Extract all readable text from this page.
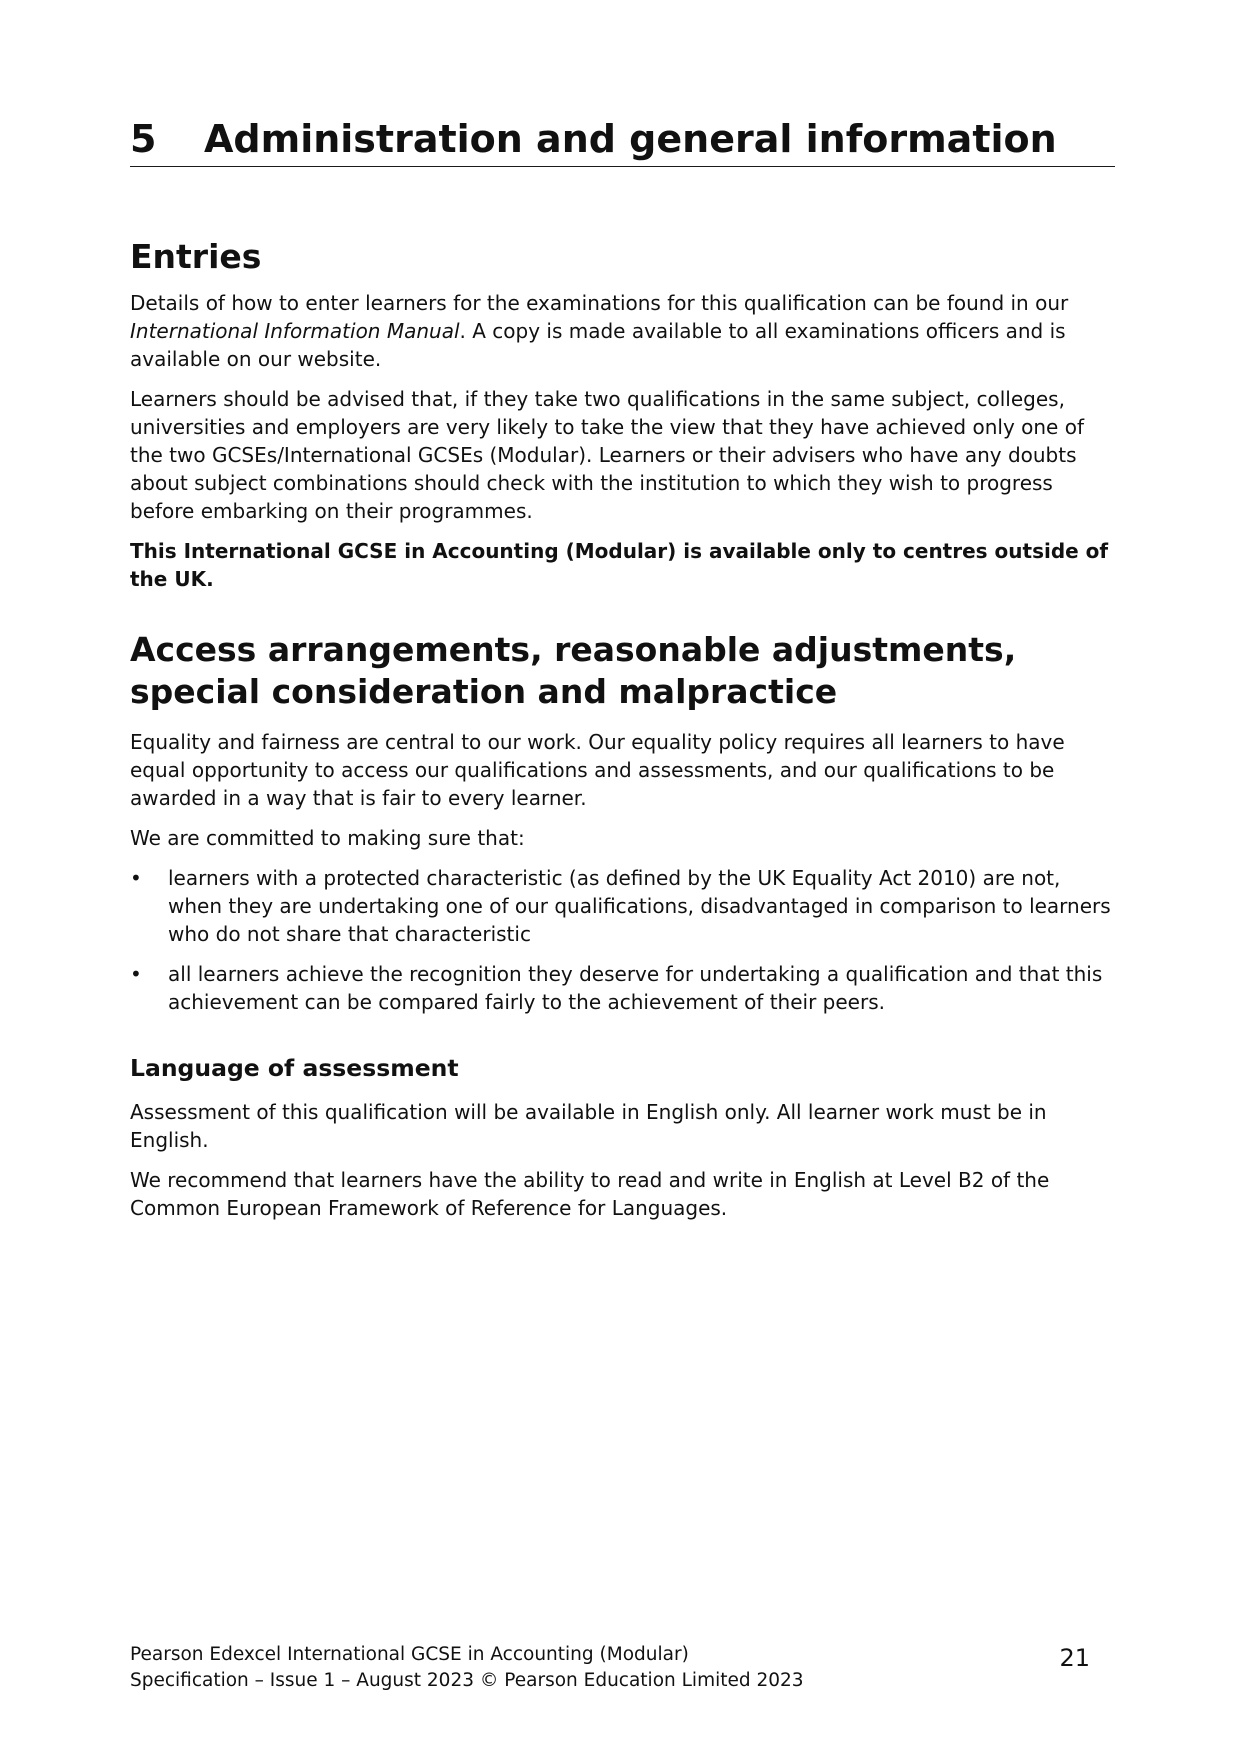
5 Administration and general information
Entries

Details of how to enter learners for the examinations for this qualification can be found in our International Information Manual. A copy is made available to all examinations officers and is available on our website.

Learners should be advised that, if they take two qualifications in the same subject, colleges, universities and employers are very likely to take the view that they have achieved only one of the two GCSEs/International GCSEs (Modular). Learners or their advisers who have any doubts about subject combinations should check with the institution to which they wish to progress before embarking on their programmes.

This International GCSE in Accounting (Modular) is available only to centres outside of the UK.

Access arrangements, reasonable adjustments, special consideration and malpractice

Equality and fairness are central to our work. Our equality policy requires all learners to have equal opportunity to access our qualifications and assessments, and our qualifications to be awarded in a way that is fair to every learner.

We are committed to making sure that:

•	learners with a protected characteristic (as defined by the UK Equality Act 2010) are not, when they are undertaking one of our qualifications, disadvantaged in comparison to learners who do not share that characteristic
•	all learners achieve the recognition they deserve for undertaking a qualification and that this achievement can be compared fairly to the achievement of their peers.
Language of assessment

Assessment of this qualification will be available in English only. All learner work must be in English.

We recommend that learners have the ability to read and write in English at Level B2 of the Common European Framework of Reference for Languages.

Pearson Edexcel International GCSE in Accounting (Modular)
Specification – Issue 1 – August 2023 © Pearson Education Limited 2023
21
